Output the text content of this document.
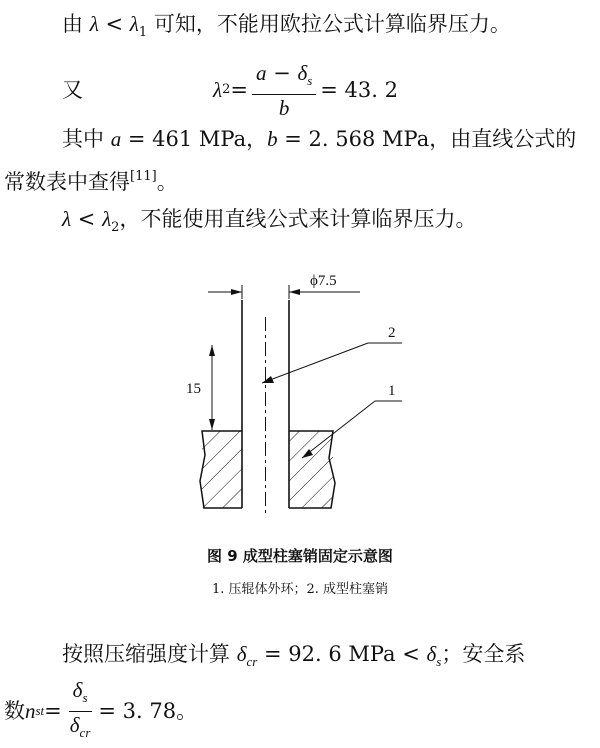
由 $\lambda < \lambda_1$ 可知，不能用欧拉公式计算临界压力。
又	λ $2 = \frac{a - \delta_s}{b} = 43$. 2
其中 a = 461 MPa，b = 2. 568 MPa，由直线公式的
常数表中查得[11]。
$\lambda < \lambda_2$，不能使用直线公式来计算临界压力。
ϕ7.5
15
2
1
图 9 成型柱塞销固定示意图
1. 压辊体外环；2. 成型柱塞销
按照压缩强度计算 $\delta_{cr} = 92$. 6 MPa < $\delta_s$；安全系
数 n st = $\frac{\delta_s}{\delta_{cr}} = 3$. 78。
